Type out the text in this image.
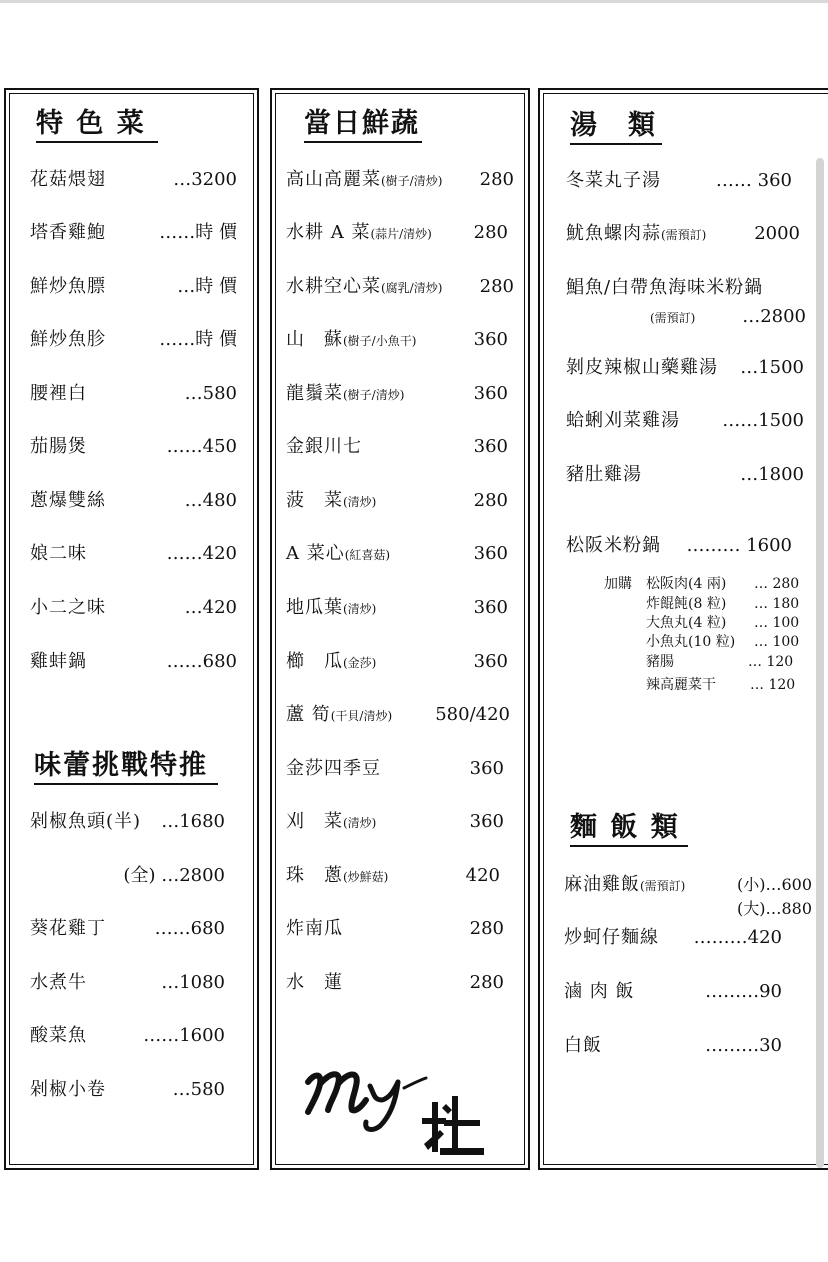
特 色 菜
花菇煨翅	…3200
塔香雞鮑	……時 價
鮮炒魚膘	…時 價
鮮炒魚胗	……時 價
腰裡白	…580
茄腸煲	……450
蔥爆雙絲	…480
娘二味	……420
小二之味	…420
雞蚌鍋	……680
味蕾挑戰特推
剁椒魚頭(半) …1680
(全) …2800
葵花雞丁	……680
水煮牛	…1080
酸菜魚	……1600
剁椒小卷	…580
當日鮮蔬
高山高麗菜(樹子/清炒) 280
水耕 A 菜(蒜片/清炒) 280
水耕空心菜(腐乳/清炒) 280
山　蘇(樹子/小魚干)	360
龍鬚菜(樹子/清炒)	360
金銀川七	360
菠　菜(清炒)	280
A 菜心(紅喜菇)	360
地瓜葉(清炒)	360
櫛　瓜(金莎)	360
蘆 筍(干貝/清炒) 580/420
金莎四季豆	360
刈　菜(清炒)	360
珠　蔥(炒鮮菇)	420
炸南瓜	280
水　蓮	280
湯　類
冬菜丸子湯	…… 360
魷魚螺肉蒜(需預訂)	2000
鯧魚/白帶魚海味米粉鍋
(需預訂)	…2800
剝皮辣椒山藥雞湯 …1500
蛤蜊刈菜雞湯 ……1500
豬肚雞湯	…1800
松阪米粉鍋 ……… 1600
加購 松阪肉(4 兩) … 280
炸餛飩(8 粒) … 180
大魚丸(4 粒) … 100
小魚丸(10 粒) … 100
豬腸	… 120
辣高麗菜干 … 120
麵 飯 類
麻油雞飯(需預訂)	(小)…600
(大)…880
炒蚵仔麵線 ………420
滷 肉 飯	………90
白飯	………30
